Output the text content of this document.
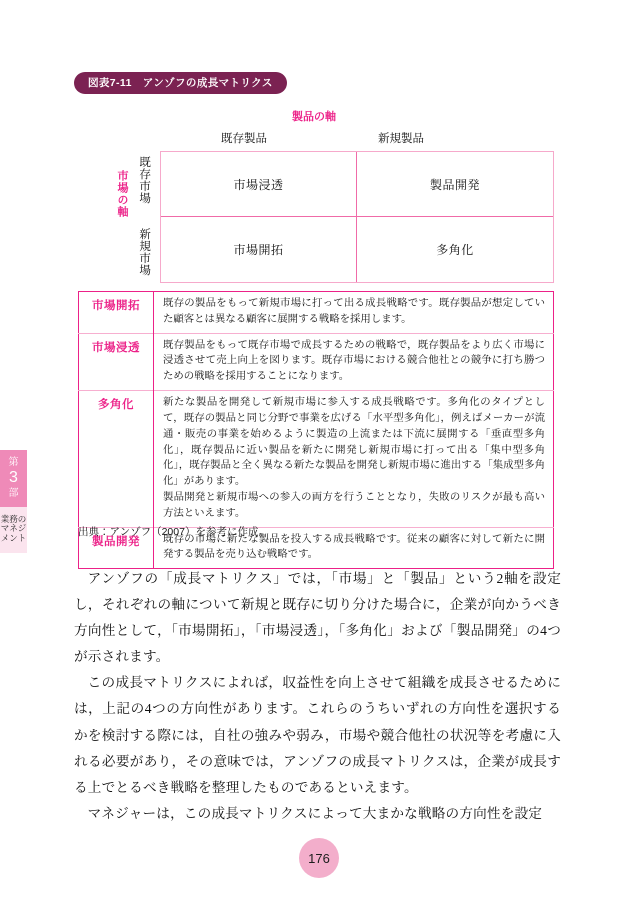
第
3
部
業務のマネジメント
図表7-11　アンゾフの成長マトリクス
製品の軸
市場の軸
既存製品	新規製品
既存市場
新規市場
市場浸透	製品開発
市場開拓	多角化
市場開拓	既存の製品をもって新規市場に打って出る成長戦略です。既存製品が想定していた顧客とは異なる顧客に展開する戦略を採用します。
市場浸透	既存製品をもって既存市場で成長するための戦略で，既存製品をより広く市場に浸透させて売上向上を図ります。既存市場における競合他社との競争に打ち勝つための戦略を採用することになります。
多角化	新たな製品を開発して新規市場に参入する成長戦略です。多角化のタイプとして，既存の製品と同じ分野で事業を広げる「水平型多角化」，例えばメーカーが流通・販売の事業を始めるように製造の上流または下流に展開する「垂直型多角化」，既存製品に近い製品を新たに開発し新規市場に打って出る「集中型多角化」，既存製品と全く異なる新たな製品を開発し新規市場に進出する「集成型多角化」があります。
製品開発と新規市場への参入の両方を行うこととなり，失敗のリスクが最も高い方法といえます。
製品開発	既存の市場に新たな製品を投入する成長戦略です。従来の顧客に対して新たに開発する製品を売り込む戦略です。
出典：アンゾフ（2007）を参考に作成。

アンゾフの「成長マトリクス」では，「市場」と「製品」という2軸を設定し，それぞれの軸について新規と既存に切り分けた場合に，企業が向かうべき方向性として，「市場開拓」，「市場浸透」，「多角化」および「製品開発」の4つが示されます。

この成長マトリクスによれば，収益性を向上させて組織を成長させるためには，上記の4つの方向性があります。これらのうちいずれの方向性を選択するかを検討する際には，自社の強みや弱み，市場や競合他社の状況等を考慮に入れる必要があり，その意味では，アンゾフの成長マトリクスは，企業が成長する上でとるべき戦略を整理したものであるといえます。

マネジャーは，この成長マトリクスによって大まかな戦略の方向性を設定

176
